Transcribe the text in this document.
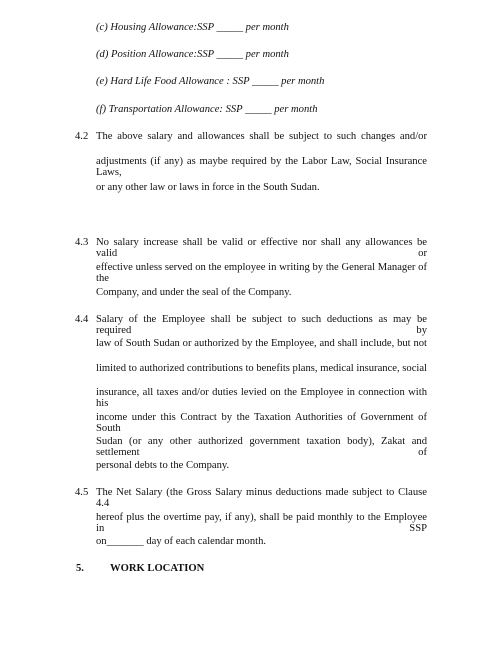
(c) Housing Allowance:SSP _____ per month
(d) Position Allowance:SSP _____ per month
(e) Hard Life Food Allowance : SSP _____ per month
(f) Transportation Allowance: SSP _____ per month
4.2 The above salary and allowances shall be subject to such changes and/or
adjustments (if any) as maybe required by the Labor Law, Social Insurance Laws,
or any other law or laws in force in the South Sudan.
4.3 No salary increase shall be valid or effective nor shall any allowances be valid or
effective unless served on the employee in writing by the General Manager of the
Company, and under the seal of the Company.
4.4 Salary of the Employee shall be subject to such deductions as may be required by
law of South Sudan or authorized by the Employee, and shall include, but not
limited to authorized contributions to benefits plans, medical insurance, social
insurance, all taxes and/or duties levied on the Employee in connection with his
income under this Contract by the Taxation Authorities of Government of South
Sudan (or any other authorized government taxation body), Zakat and settlement of
personal debts to the Company.
4.5 The Net Salary (the Gross Salary minus deductions made subject to Clause 4.4
hereof plus the overtime pay, if any), shall be paid monthly to the Employee in SSP
on_______ day of each calendar month.
5. WORK LOCATION
